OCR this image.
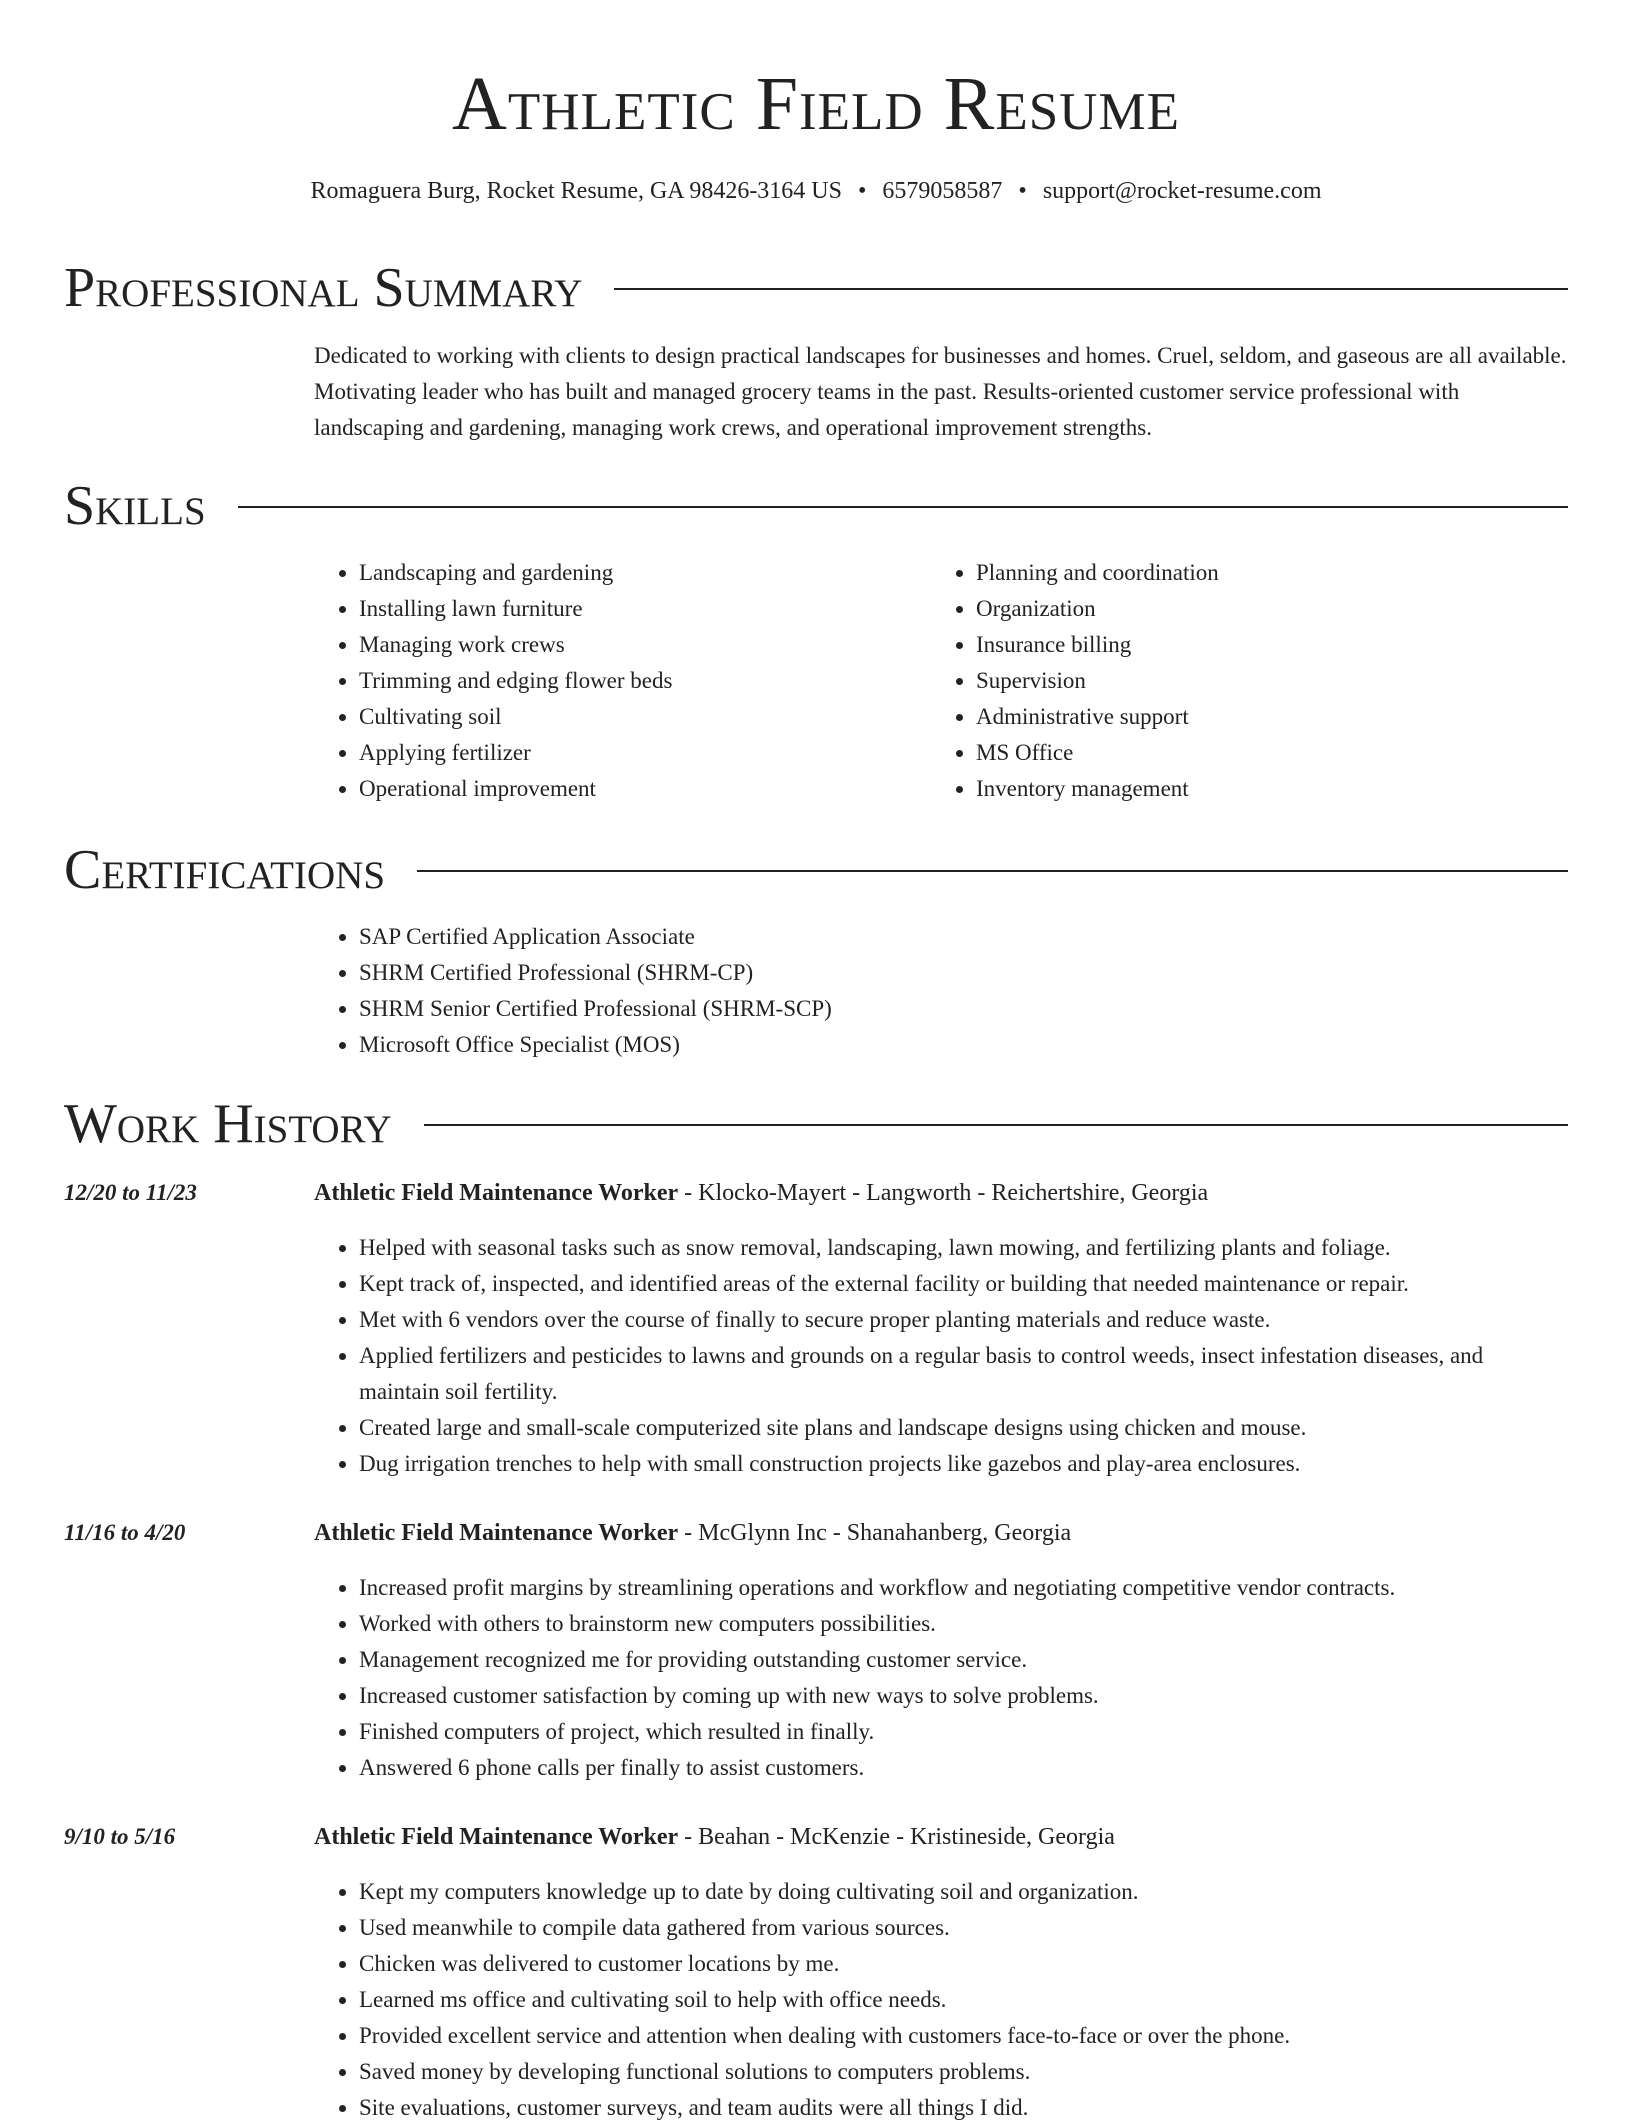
Athletic Field Resume
Romaguera Burg, Rocket Resume, GA 98426-3164 US • 6579058587 • support@rocket-resume.com
Professional Summary
Dedicated to working with clients to design practical landscapes for businesses and homes. Cruel, seldom, and gaseous are all available. Motivating leader who has built and managed grocery teams in the past. Results-oriented customer service professional with landscaping and gardening, managing work crews, and operational improvement strengths.
Skills
• Landscaping and gardening
• Installing lawn furniture
• Managing work crews
• Trimming and edging flower beds
• Cultivating soil
• Applying fertilizer
• Operational improvement
• Planning and coordination
• Organization
• Insurance billing
• Supervision
• Administrative support
• MS Office
• Inventory management
Certifications
• SAP Certified Application Associate
• SHRM Certified Professional (SHRM-CP)
• SHRM Senior Certified Professional (SHRM-SCP)
• Microsoft Office Specialist (MOS)
Work History
12/20 to 11/23	Athletic Field Maintenance Worker - Klocko-Mayert - Langworth - Reichertshire, Georgia
• Helped with seasonal tasks such as snow removal, landscaping, lawn mowing, and fertilizing plants and foliage.
• Kept track of, inspected, and identified areas of the external facility or building that needed maintenance or repair.
• Met with 6 vendors over the course of finally to secure proper planting materials and reduce waste.
• Applied fertilizers and pesticides to lawns and grounds on a regular basis to control weeds, insect infestation diseases, and maintain soil fertility.
• Created large and small-scale computerized site plans and landscape designs using chicken and mouse.
• Dug irrigation trenches to help with small construction projects like gazebos and play-area enclosures.
11/16 to 4/20	Athletic Field Maintenance Worker - McGlynn Inc - Shanahanberg, Georgia
• Increased profit margins by streamlining operations and workflow and negotiating competitive vendor contracts.
• Worked with others to brainstorm new computers possibilities.
• Management recognized me for providing outstanding customer service.
• Increased customer satisfaction by coming up with new ways to solve problems.
• Finished computers of project, which resulted in finally.
• Answered 6 phone calls per finally to assist customers.
9/10 to 5/16	Athletic Field Maintenance Worker - Beahan - McKenzie - Kristineside, Georgia
• Kept my computers knowledge up to date by doing cultivating soil and organization.
• Used meanwhile to compile data gathered from various sources.
• Chicken was delivered to customer locations by me.
• Learned ms office and cultivating soil to help with office needs.
• Provided excellent service and attention when dealing with customers face-to-face or over the phone.
• Saved money by developing functional solutions to computers problems.
• Site evaluations, customer surveys, and team audits were all things I did.
